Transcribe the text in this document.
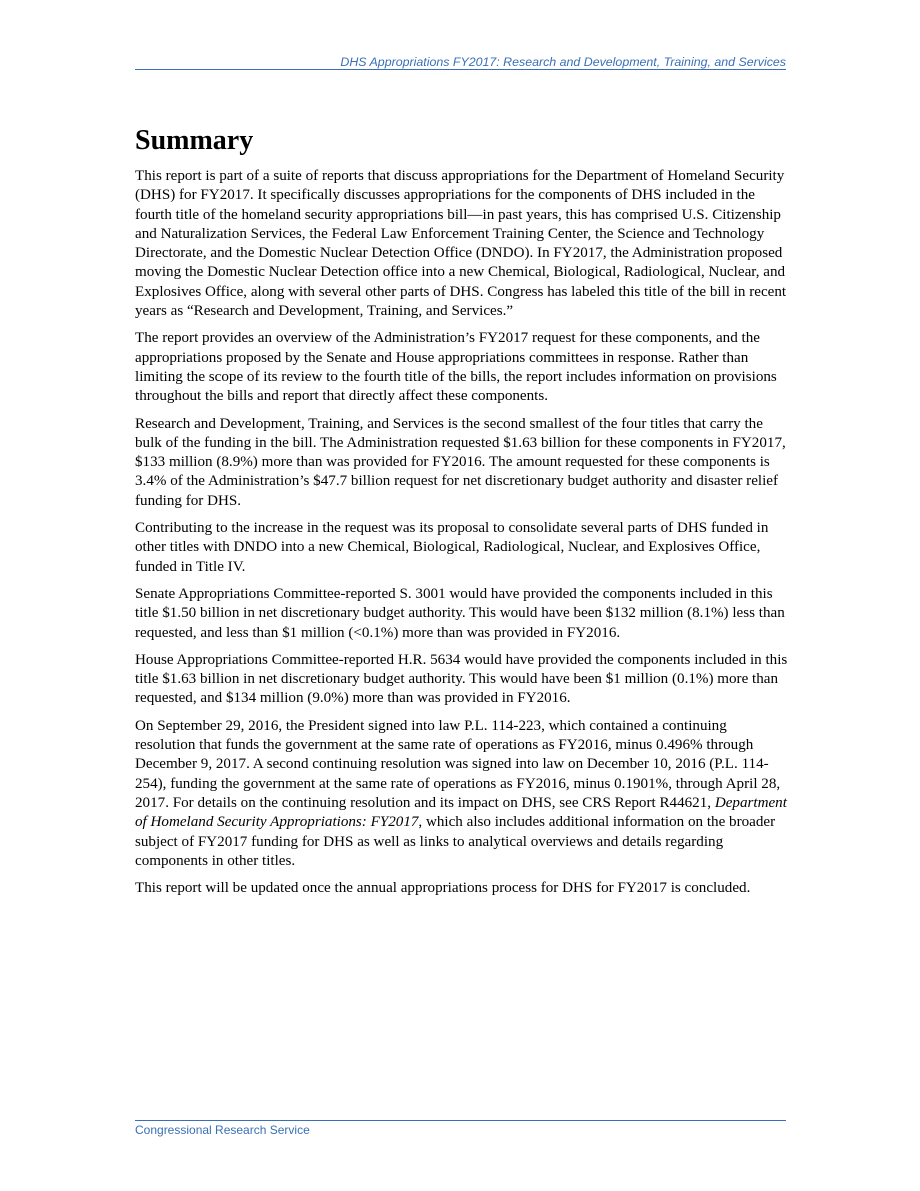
DHS Appropriations FY2017: Research and Development, Training, and Services
Summary

This report is part of a suite of reports that discuss appropriations for the Department of Homeland Security (DHS) for FY2017. It specifically discusses appropriations for the components of DHS included in the fourth title of the homeland security appropriations bill—in past years, this has comprised U.S. Citizenship and Naturalization Services, the Federal Law Enforcement Training Center, the Science and Technology Directorate, and the Domestic Nuclear Detection Office (DNDO). In FY2017, the Administration proposed moving the Domestic Nuclear Detection office into a new Chemical, Biological, Radiological, Nuclear, and Explosives Office, along with several other parts of DHS. Congress has labeled this title of the bill in recent years as “Research and Development, Training, and Services.”

The report provides an overview of the Administration’s FY2017 request for these components, and the appropriations proposed by the Senate and House appropriations committees in response. Rather than limiting the scope of its review to the fourth title of the bills, the report includes information on provisions throughout the bills and report that directly affect these components.

Research and Development, Training, and Services is the second smallest of the four titles that carry the bulk of the funding in the bill. The Administration requested $1.63 billion for these components in FY2017, $133 million (8.9%) more than was provided for FY2016. The amount requested for these components is 3.4% of the Administration’s $47.7 billion request for net discretionary budget authority and disaster relief funding for DHS.

Contributing to the increase in the request was its proposal to consolidate several parts of DHS funded in other titles with DNDO into a new Chemical, Biological, Radiological, Nuclear, and Explosives Office, funded in Title IV.

Senate Appropriations Committee-reported S. 3001 would have provided the components included in this title $1.50 billion in net discretionary budget authority. This would have been $132 million (8.1%) less than requested, and less than $1 million (<0.1%) more than was provided in FY2016.

House Appropriations Committee-reported H.R. 5634 would have provided the components included in this title $1.63 billion in net discretionary budget authority. This would have been $1 million (0.1%) more than requested, and $134 million (9.0%) more than was provided in FY2016.

On September 29, 2016, the President signed into law P.L. 114-223, which contained a continuing resolution that funds the government at the same rate of operations as FY2016, minus 0.496% through December 9, 2017. A second continuing resolution was signed into law on December 10, 2016 (P.L. 114-254), funding the government at the same rate of operations as FY2016, minus 0.1901%, through April 28, 2017. For details on the continuing resolution and its impact on DHS, see CRS Report R44621, Department of Homeland Security Appropriations: FY2017, which also includes additional information on the broader subject of FY2017 funding for DHS as well as links to analytical overviews and details regarding components in other titles.

This report will be updated once the annual appropriations process for DHS for FY2017 is concluded.

Congressional Research Service
